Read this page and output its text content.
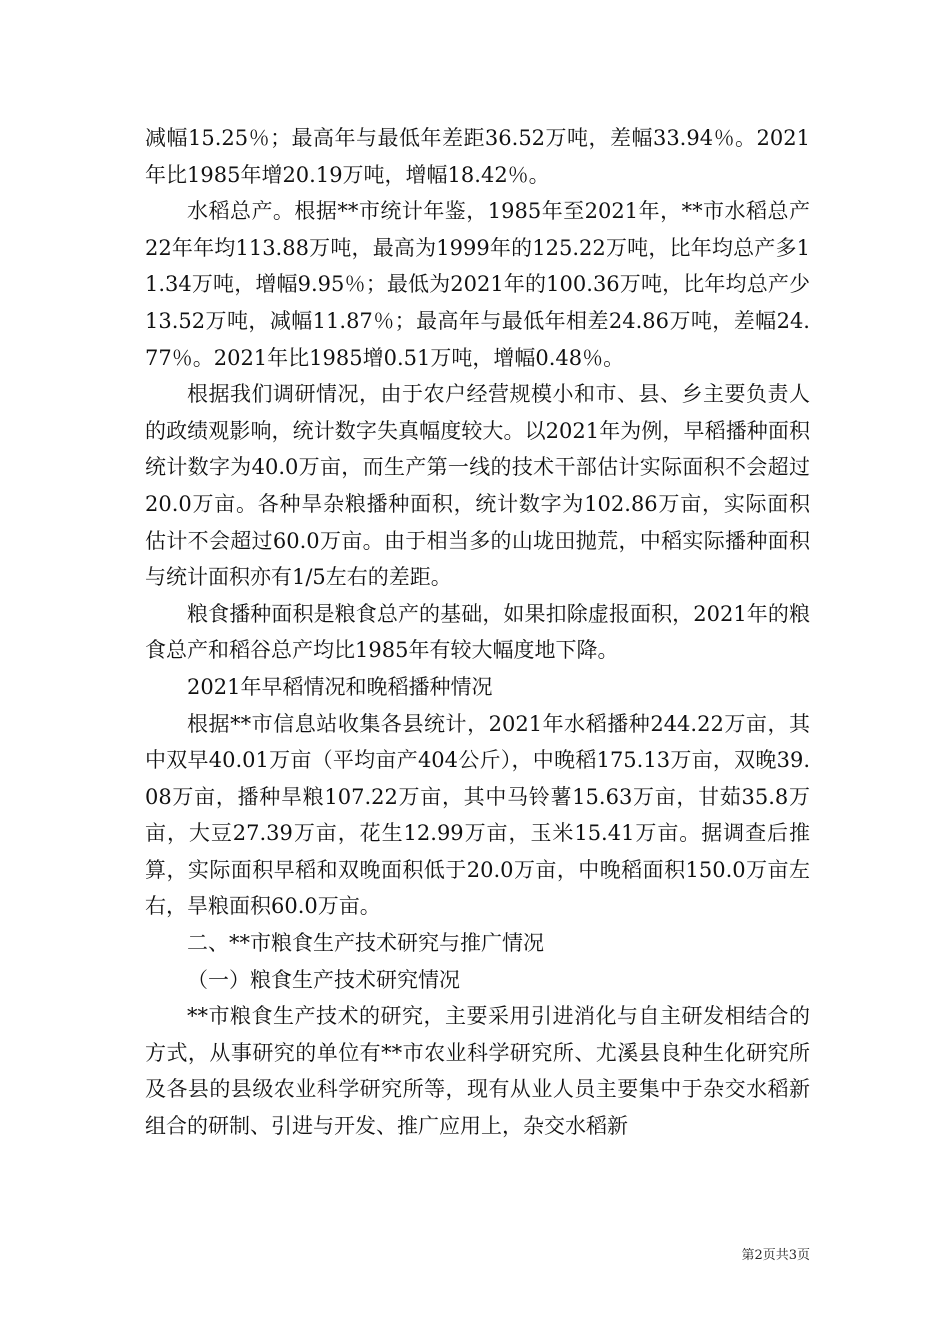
减幅15.25％；最高年与最低年差距36.52万吨，差幅33.94％。2021年比1985年增20.19万吨，增幅18.42％。

水稻总产。根据**市统计年鉴，1985年至2021年，**市水稻总产22年年均113.88万吨，最高为1999年的125.22万吨，比年均总产多11.34万吨，增幅9.95％；最低为2021年的100.36万吨，比年均总产少13.52万吨，减幅11.87％；最高年与最低年相差24.86万吨，差幅24.77％。2021年比1985增0.51万吨，增幅0.48％。

根据我们调研情况，由于农户经营规模小和市、县、乡主要负责人的政绩观影响，统计数字失真幅度较大。以2021年为例，早稻播种面积统计数字为40.0万亩，而生产第一线的技术干部估计实际面积不会超过20.0万亩。各种旱杂粮播种面积，统计数字为102.86万亩，实际面积估计不会超过60.0万亩。由于相当多的山垅田抛荒，中稻实际播种面积与统计面积亦有1/5左右的差距。

粮食播种面积是粮食总产的基础，如果扣除虚报面积，2021年的粮食总产和稻谷总产均比1985年有较大幅度地下降。

2021年早稻情况和晚稻播种情况

根据**市信息站收集各县统计，2021年水稻播种244.22万亩，其中双早40.01万亩（平均亩产404公斤），中晚稻175.13万亩，双晚39.08万亩，播种旱粮107.22万亩，其中马铃薯15.63万亩，甘茹35.8万亩，大豆27.39万亩，花生12.99万亩，玉米15.41万亩。据调查后推算，实际面积早稻和双晚面积低于20.0万亩，中晚稻面积150.0万亩左右，旱粮面积60.0万亩。

二、**市粮食生产技术研究与推广情况

（一）粮食生产技术研究情况

**市粮食生产技术的研究，主要采用引进消化与自主研发相结合的方式，从事研究的单位有**市农业科学研究所、尤溪县良种生化研究所及各县的县级农业科学研究所等，现有从业人员主要集中于杂交水稻新组合的研制、引进与开发、推广应用上，杂交水稻新

第2页共3页
